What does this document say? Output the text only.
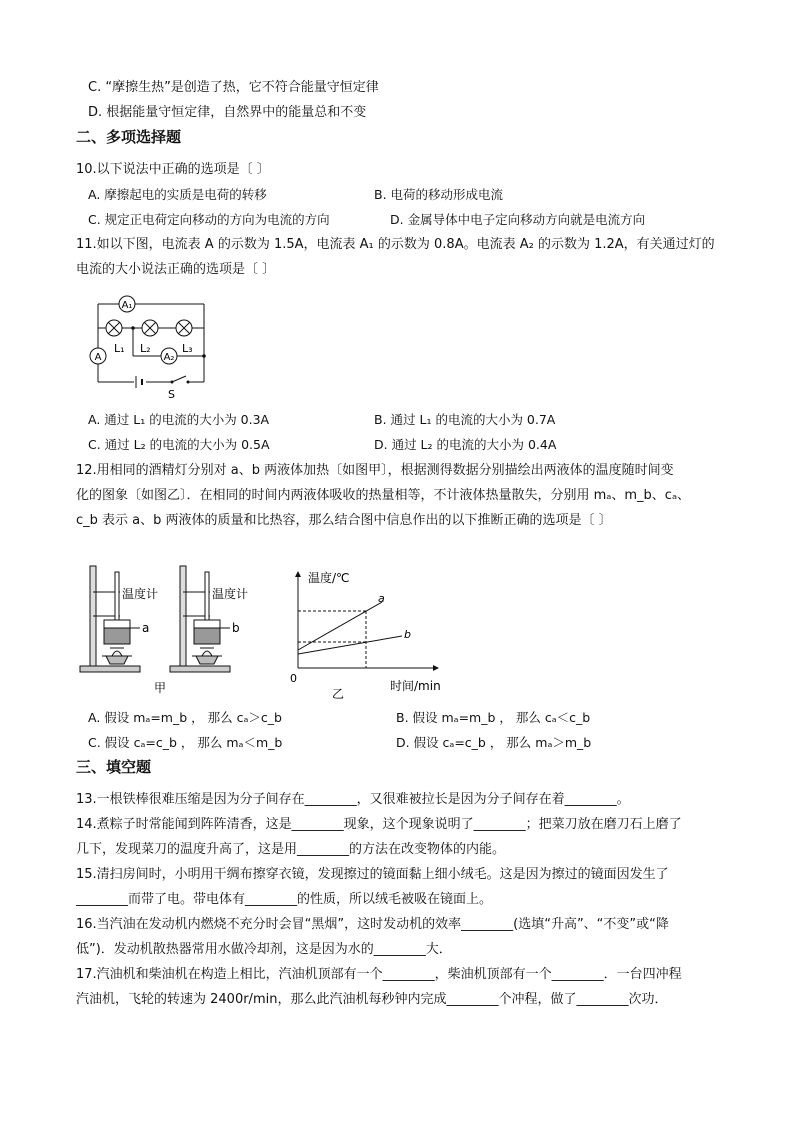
C. “摩擦生热”是创造了热，它不符合能量守恒定律
D. 根据能量守恒定律，自然界中的能量总和不变
二、多项选择题
10.以下说法中正确的选项是〔 〕
A. 摩擦起电的实质是电荷的转移	B. 电荷的移动形成电流
C. 规定正电荷定向移动的方向为电流的方向	D. 金属导体中电子定向移动方向就是电流方向
11.如以下图，电流表 A 的示数为 1.5A，电流表 A₁ 的示数为 0.8A。电流表 A₂ 的示数为 1.2A，有关通过灯的
电流的大小说法正确的选项是〔 〕
A₁
A₂
A
L₁ L₂	L₃
S
A. 通过 L₁ 的电流的大小为 0.3A	B. 通过 L₁ 的电流的大小为 0.7A
C. 通过 L₂ 的电流的大小为 0.5A	D. 通过 L₂ 的电流的大小为 0.4A
12.用相同的酒精灯分别对 a、b 两液体加热〔如图甲〕，根据测得数据分别描绘出两液体的温度随时间变
化的图象〔如图乙〕．在相同的时间内两液体吸收的热量相等，不计液体热量散失，分别用 mₐ、m_b、cₐ、
c_b 表示 a、b 两液体的质量和比热容，那么结合图中信息作出的以下推断正确的选项是〔 〕
温度计	温度计
a	b
甲
温度/℃
时间/min
0
a
b
乙
A. 假设 mₐ=m_b ， 那么 cₐ＞c_b	B. 假设 mₐ=m_b ， 那么 cₐ＜c_b
C. 假设 cₐ=c_b ， 那么 mₐ＜m_b	D. 假设 cₐ=c_b ， 那么 mₐ＞m_b
三、填空题
13.一根铁棒很难压缩是因为分子间存在________，又很难被拉长是因为分子间存在着________。
14.煮粽子时常能闻到阵阵清香，这是________现象，这个现象说明了________；把菜刀放在磨刀石上磨了
几下，发现菜刀的温度升高了，这是用________的方法在改变物体的内能。
15.清扫房间时，小明用干绸布擦穿衣镜，发现擦过的镜面黏上细小绒毛。这是因为擦过的镜面因发生了
________而带了电。带电体有________的性质，所以绒毛被吸在镜面上。
16.当汽油在发动机内燃烧不充分时会冒“黑烟”，这时发动机的效率________(选填“升高”、“不变”或“降
低”)．发动机散热器常用水做冷却剂，这是因为水的________大．
17.汽油机和柴油机在构造上相比，汽油机顶部有一个________，柴油机顶部有一个________．一台四冲程
汽油机，飞轮的转速为 2400r/min，那么此汽油机每秒钟内完成________个冲程，做了________次功．
